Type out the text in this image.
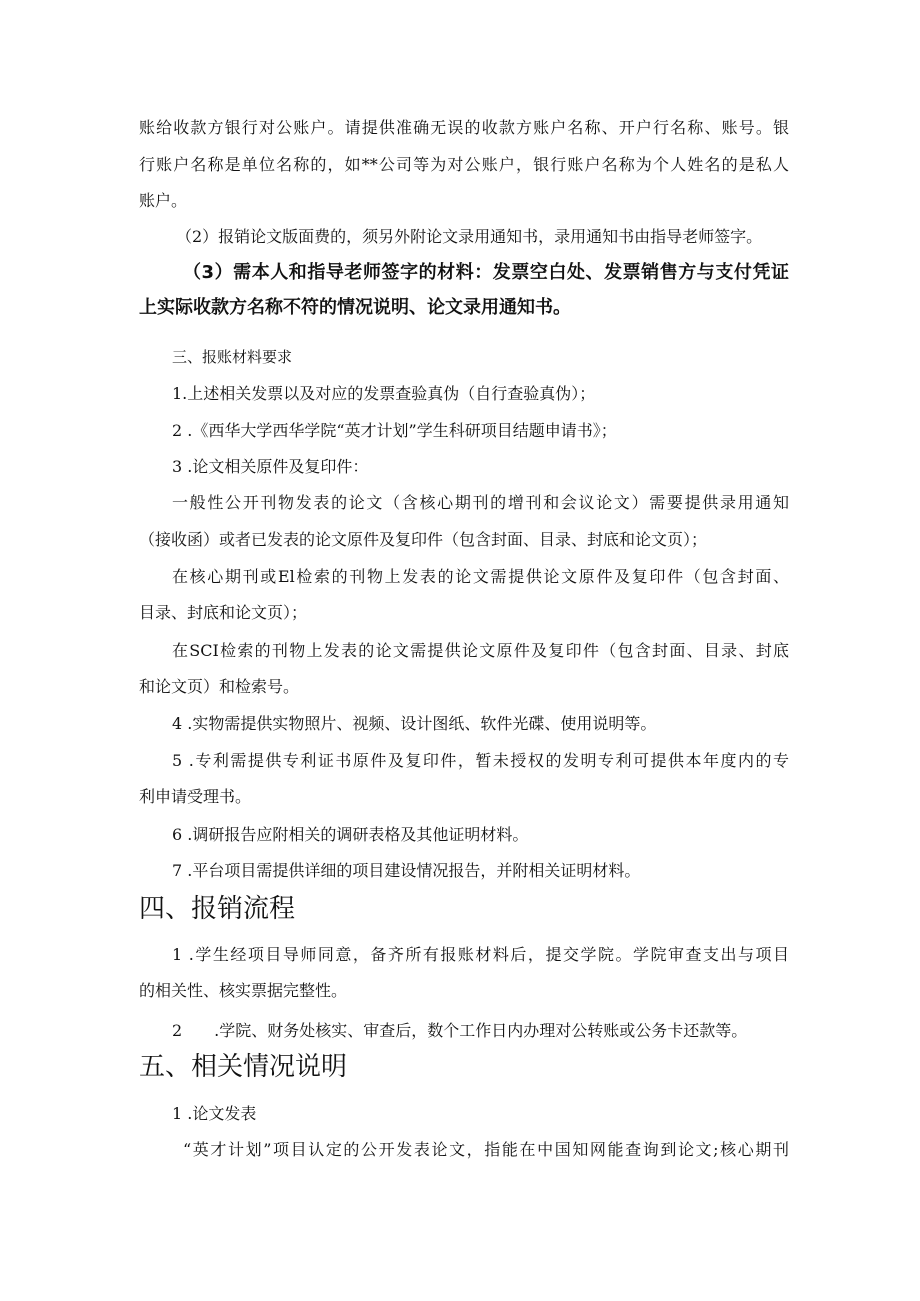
账给收款方银行对公账户。请提供准确无误的收款方账户名称、开户行名称、账号。银
行账户名称是单位名称的，如**公司等为对公账户，银行账户名称为个人姓名的是私人
账户。
（2）报销论文版面费的，须另外附论文录用通知书，录用通知书由指导老师签字。
（3）需本人和指导老师签字的材料：发票空白处、发票销售方与支付凭证
上实际收款方名称不符的情况说明、论文录用通知书。
三、报账材料要求
1.上述相关发票以及对应的发票查验真伪（自行查验真伪）；
2 .《西华大学西华学院“英才计划”学生科研项目结题申请书》；
3 .论文相关原件及复印件：
一般性公开刊物发表的论文（含核心期刊的增刊和会议论文）需要提供录用通知
（接收函）或者已发表的论文原件及复印件（包含封面、目录、封底和论文页）；
在核心期刊或El检索的刊物上发表的论文需提供论文原件及复印件（包含封面、
目录、封底和论文页）；
在SCI检索的刊物上发表的论文需提供论文原件及复印件（包含封面、目录、封底
和论文页）和检索号。
4 .实物需提供实物照片、视频、设计图纸、软件光碟、使用说明等。
5 .专利需提供专利证书原件及复印件，暂未授权的发明专利可提供本年度内的专
利申请受理书。
6 .调研报告应附相关的调研表格及其他证明材料。
7 .平台项目需提供详细的项目建设情况报告，并附相关证明材料。
四、报销流程
1 .学生经项目导师同意，备齐所有报账材料后，提交学院。学院审查支出与项目
的相关性、核实票据完整性。
2　　.学院、财务处核实、审查后，数个工作日内办理对公转账或公务卡还款等。
五、相关情况说明
1 .论文发表
“英才计划”项目认定的公开发表论文，指能在中国知网能查询到论文;核心期刊
